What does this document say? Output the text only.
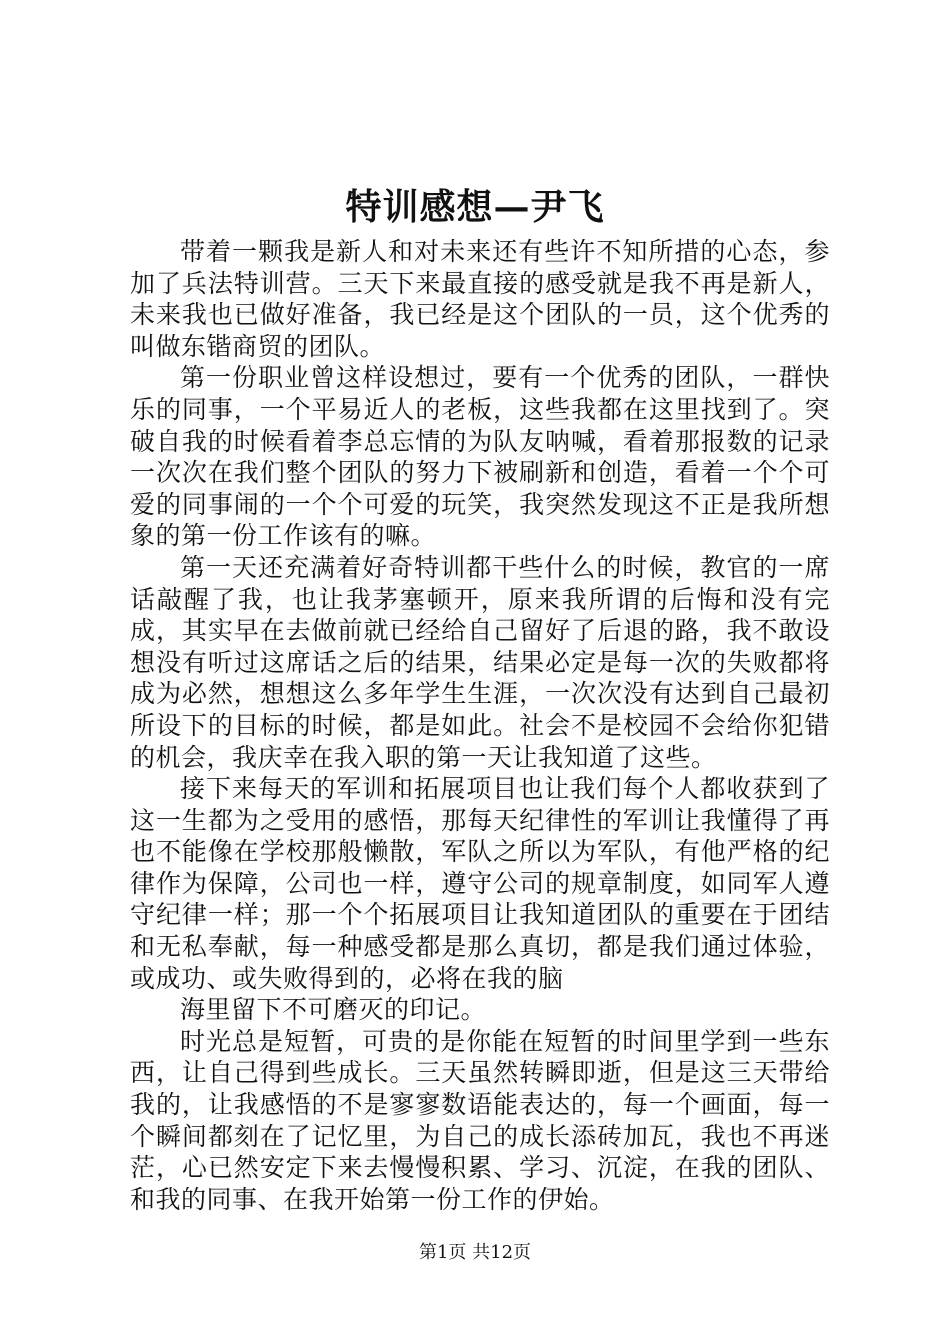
特训感想—尹飞

带着一颗我是新人和对未来还有些许不知所措的心态，参加了兵法特训营。三天下来最直接的感受就是我不再是新人，未来我也已做好准备，我已经是这个团队的一员，这个优秀的叫做东锴商贸的团队。

第一份职业曾这样设想过，要有一个优秀的团队，一群快乐的同事，一个平易近人的老板，这些我都在这里找到了。突破自我的时候看着李总忘情的为队友呐喊，看着那报数的记录一次次在我们整个团队的努力下被刷新和创造，看着一个个可爱的同事闹的一个个可爱的玩笑，我突然发现这不正是我所想象的第一份工作该有的嘛。

第一天还充满着好奇特训都干些什么的时候，教官的一席话敲醒了我，也让我茅塞顿开，原来我所谓的后悔和没有完成，其实早在去做前就已经给自己留好了后退的路，我不敢设想没有听过这席话之后的结果，结果必定是每一次的失败都将成为必然，想想这么多年学生生涯，一次次没有达到自己最初所设下的目标的时候，都是如此。社会不是校园不会给你犯错的机会，我庆幸在我入职的第一天让我知道了这些。

接下来每天的军训和拓展项目也让我们每个人都收获到了这一生都为之受用的感悟，那每天纪律性的军训让我懂得了再也不能像在学校那般懒散，军队之所以为军队，有他严格的纪律作为保障，公司也一样，遵守公司的规章制度，如同军人遵守纪律一样；那一个个拓展项目让我知道团队的重要在于团结和无私奉献，每一种感受都是那么真切，都是我们通过体验，或成功、或失败得到的，必将在我的脑

海里留下不可磨灭的印记。

时光总是短暂，可贵的是你能在短暂的时间里学到一些东西，让自己得到些成长。三天虽然转瞬即逝，但是这三天带给我的，让我感悟的不是寥寥数语能表达的，每一个画面，每一个瞬间都刻在了记忆里，为自己的成长添砖加瓦，我也不再迷茫，心已然安定下来去慢慢积累、学习、沉淀，在我的团队、和我的同事、在我开始第一份工作的伊始。

第1页 共12页
